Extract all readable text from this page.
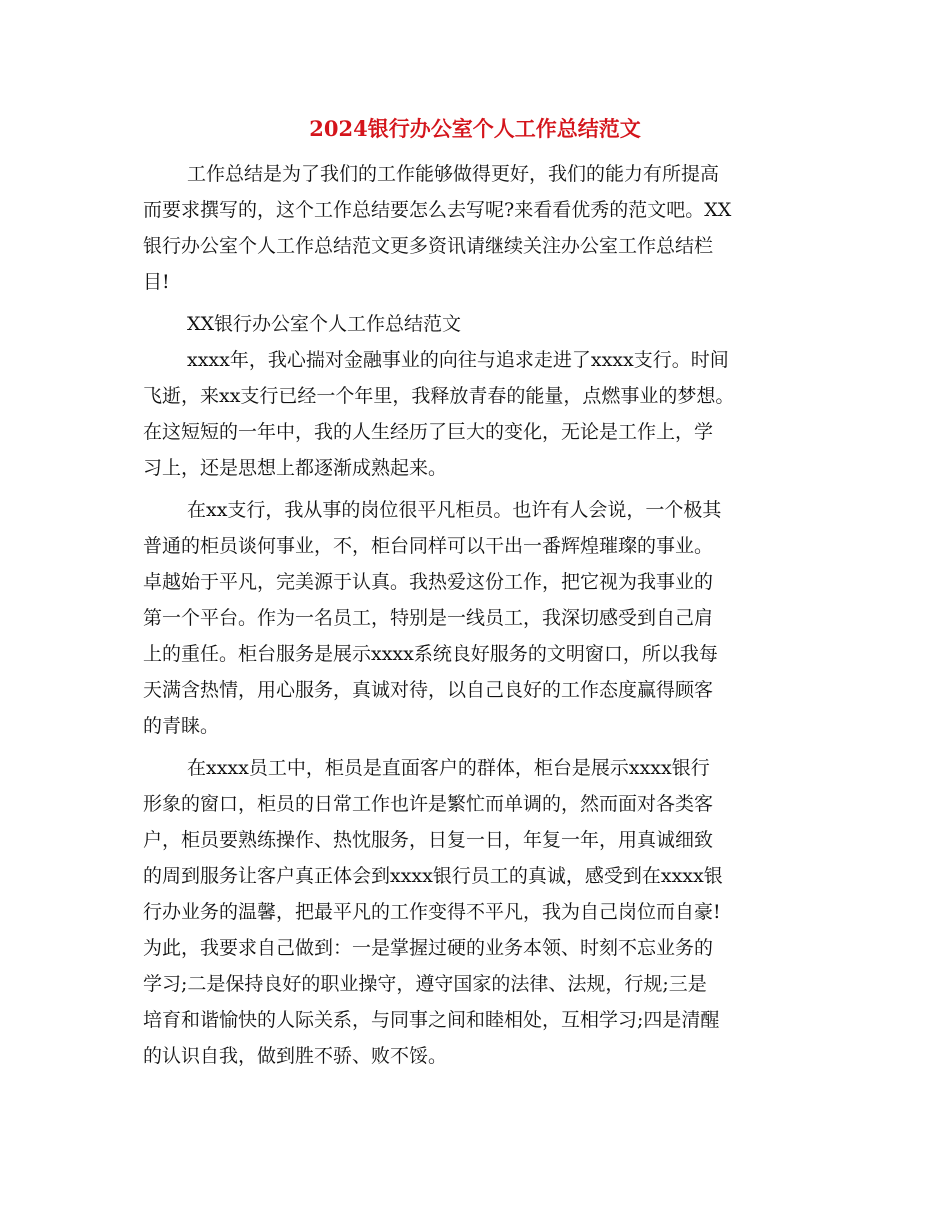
2024银行办公室个人工作总结范文
工作总结是为了我们的工作能够做得更好，我们的能力有所提高
而要求撰写的，这个工作总结要怎么去写呢?来看看优秀的范文吧。XX
银行办公室个人工作总结范文更多资讯请继续关注办公室工作总结栏
目!
XX银行办公室个人工作总结范文
xxxx年，我心揣对金融事业的向往与追求走进了xxxx支行。时间
飞逝，来xx支行已经一个年里，我释放青春的能量，点燃事业的梦想。
在这短短的一年中，我的人生经历了巨大的变化，无论是工作上，学
习上，还是思想上都逐渐成熟起来。
在xx支行，我从事的岗位很平凡柜员。也许有人会说，一个极其
普通的柜员谈何事业，不，柜台同样可以干出一番辉煌璀璨的事业。
卓越始于平凡，完美源于认真。我热爱这份工作，把它视为我事业的
第一个平台。作为一名员工，特别是一线员工，我深切感受到自己肩
上的重任。柜台服务是展示xxxx系统良好服务的文明窗口，所以我每
天满含热情，用心服务，真诚对待，以自己良好的工作态度赢得顾客
的青睐。
在xxxx员工中，柜员是直面客户的群体，柜台是展示xxxx银行
形象的窗口，柜员的日常工作也许是繁忙而单调的，然而面对各类客
户，柜员要熟练操作、热忱服务，日复一日，年复一年，用真诚细致
的周到服务让客户真正体会到xxxx银行员工的真诚，感受到在xxxx银
行办业务的温馨，把最平凡的工作变得不平凡，我为自己岗位而自豪!
为此，我要求自己做到：一是掌握过硬的业务本领、时刻不忘业务的
学习;二是保持良好的职业操守，遵守国家的法律、法规，行规;三是
培育和谐愉快的人际关系，与同事之间和睦相处，互相学习;四是清醒
的认识自我，做到胜不骄、败不馁。
